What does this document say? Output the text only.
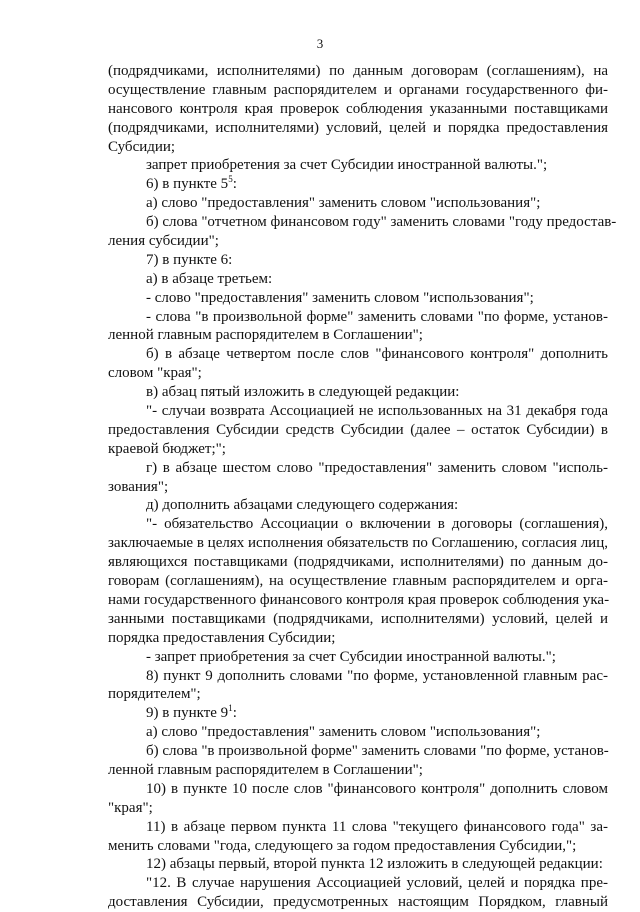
3
(подрядчиками, исполнителями) по данным договорам (соглашениям), на
осуществление главным распорядителем и органами государственного фи-
нансового контроля края проверок соблюдения указанными поставщиками
(подрядчиками, исполнителями) условий, целей и порядка предоставления
Субсидии;
запрет приобретения за счет Субсидии иностранной валюты.";
6) в пункте $5^5$:
а) слово "предоставления" заменить словом "использования";
б) слова "отчетном финансовом году" заменить словами "году предостав-
ления субсидии";
7) в пункте 6:
а) в абзаце третьем:
- слово "предоставления" заменить словом "использования";
- слова "в произвольной форме" заменить словами "по форме, установ-
ленной главным распорядителем в Соглашении";
б) в абзаце четвертом после слов "финансового контроля" дополнить
словом "края";
в) абзац пятый изложить в следующей редакции:
"- случаи возврата Ассоциацией не использованных на 31 декабря года
предоставления Субсидии средств Субсидии (далее – остаток Субсидии) в
краевой бюджет;";
г) в абзаце шестом слово "предоставления" заменить словом "исполь-
зования";
д) дополнить абзацами следующего содержания:
"- обязательство Ассоциации о включении в договоры (соглашения),
заключаемые в целях исполнения обязательств по Соглашению, согласия лиц,
являющихся поставщиками (подрядчиками, исполнителями) по данным до-
говорам (соглашениям), на осуществление главным распорядителем и орга-
нами государственного финансового контроля края проверок соблюдения ука-
занными поставщиками (подрядчиками, исполнителями) условий, целей и
порядка предоставления Субсидии;
- запрет приобретения за счет Субсидии иностранной валюты.";
8) пункт 9 дополнить словами "по форме, установленной главным рас-
порядителем";
9) в пункте $9^1$:
а) слово "предоставления" заменить словом "использования";
б) слова "в произвольной форме" заменить словами "по форме, установ-
ленной главным распорядителем в Соглашении";
10) в пункте 10 после слов "финансового контроля" дополнить словом
"края";
11) в абзаце первом пункта 11 слова "текущего финансового года" за-
менить словами "года, следующего за годом предоставления Субсидии,";
12) абзацы первый, второй пункта 12 изложить в следующей редакции:
"12. В случае нарушения Ассоциацией условий, целей и порядка пре-
доставления Субсидии, предусмотренных настоящим Порядком, главный
